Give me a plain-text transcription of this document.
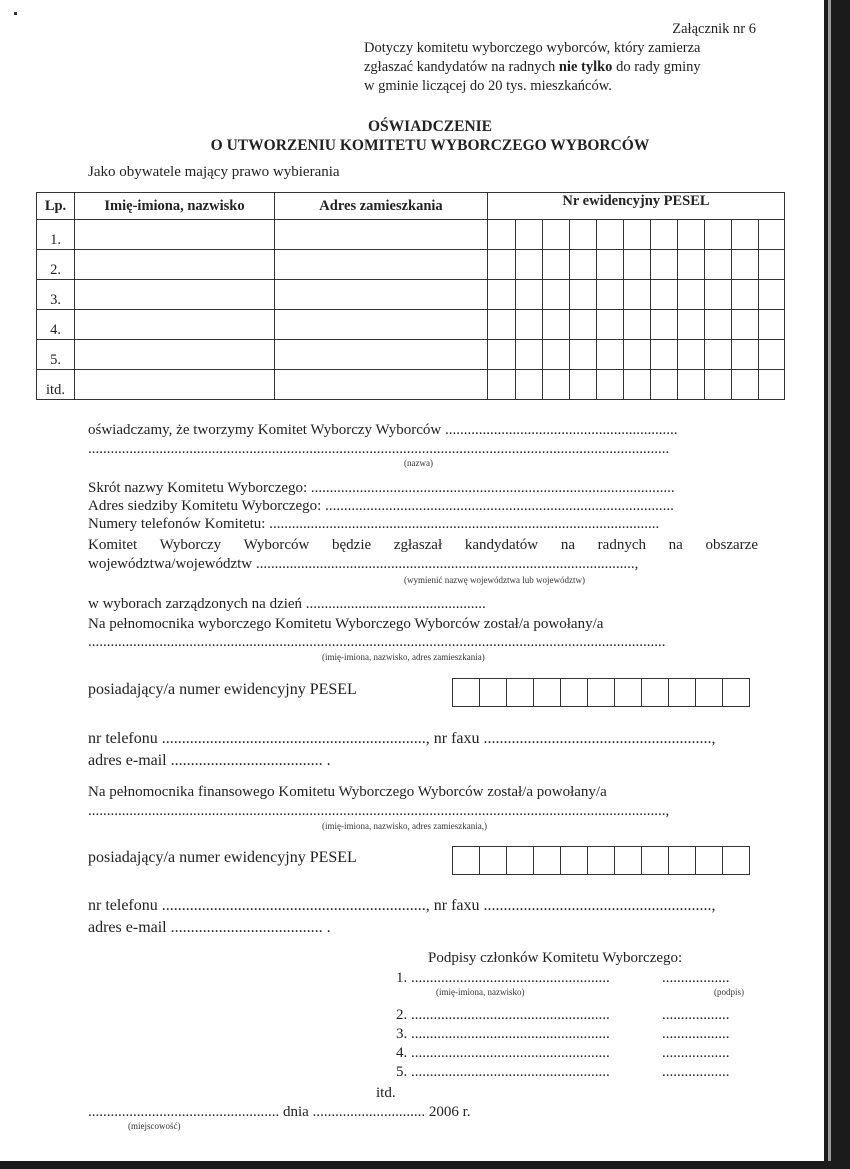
Załącznik nr 6
Dotyczy komitetu wyborczego wyborców, który zamierza
zgłaszać kandydatów na radnych nie tylko do rady gminy
w gminie liczącej do 20 tys. mieszkańców.
OŚWIADCZENIE
O UTWORZENIU KOMITETU WYBORCZEGO WYBORCÓW
Jako obywatele mający prawo wybierania
Lp.	Imię-imiona, nazwisko	Adres zamieszkania	Nr ewidencyjny PESEL										
1.													
2.													
3.													
4.													
5.													
itd.													
oświadczamy, że tworzymy Komitet Wyborczy Wyborców ..............................................................
...........................................................................................................................................................
(nazwa)
Skrót nazwy Komitetu Wyborczego: .................................................................................................
Adres siedziby Komitetu Wyborczego: .............................................................................................
Numery telefonów Komitetu: ........................................................................................................
Komitet Wyborczy Wyborców będzie zgłaszał kandydatów na radnych na obszarze
województwa/województw .....................................................................................................,
(wymienić nazwę województwa lub województw)
w wyborach zarządzonych na dzień ................................................
Na pełnomocnika wyborczego Komitetu Wyborczego Wyborców został/a powołany/a
..........................................................................................................................................................
(imię-imiona, nazwisko, adres zamieszkania)
posiadający/a numer ewidencyjny PESEL
nr telefonu .................................................................., nr faxu .........................................................,
adres e-mail ...................................... .
Na pełnomocnika finansowego Komitetu Wyborczego Wyborców został/a powołany/a
..........................................................................................................................................................,
(imię-imiona, nazwisko, adres zamieszkania,)
posiadający/a numer ewidencyjny PESEL
nr telefonu .................................................................., nr faxu .........................................................,
adres e-mail ...................................... .
Podpisy członków Komitetu Wyborczego:
1. .....................................................	..................
(imię-imiona, nazwisko)	(podpis)
2. .....................................................	..................
3. .....................................................	..................
4. .....................................................	..................
5. .....................................................	..................
itd.
................................................... dnia .............................. 2006 r.
(miejscowość)
